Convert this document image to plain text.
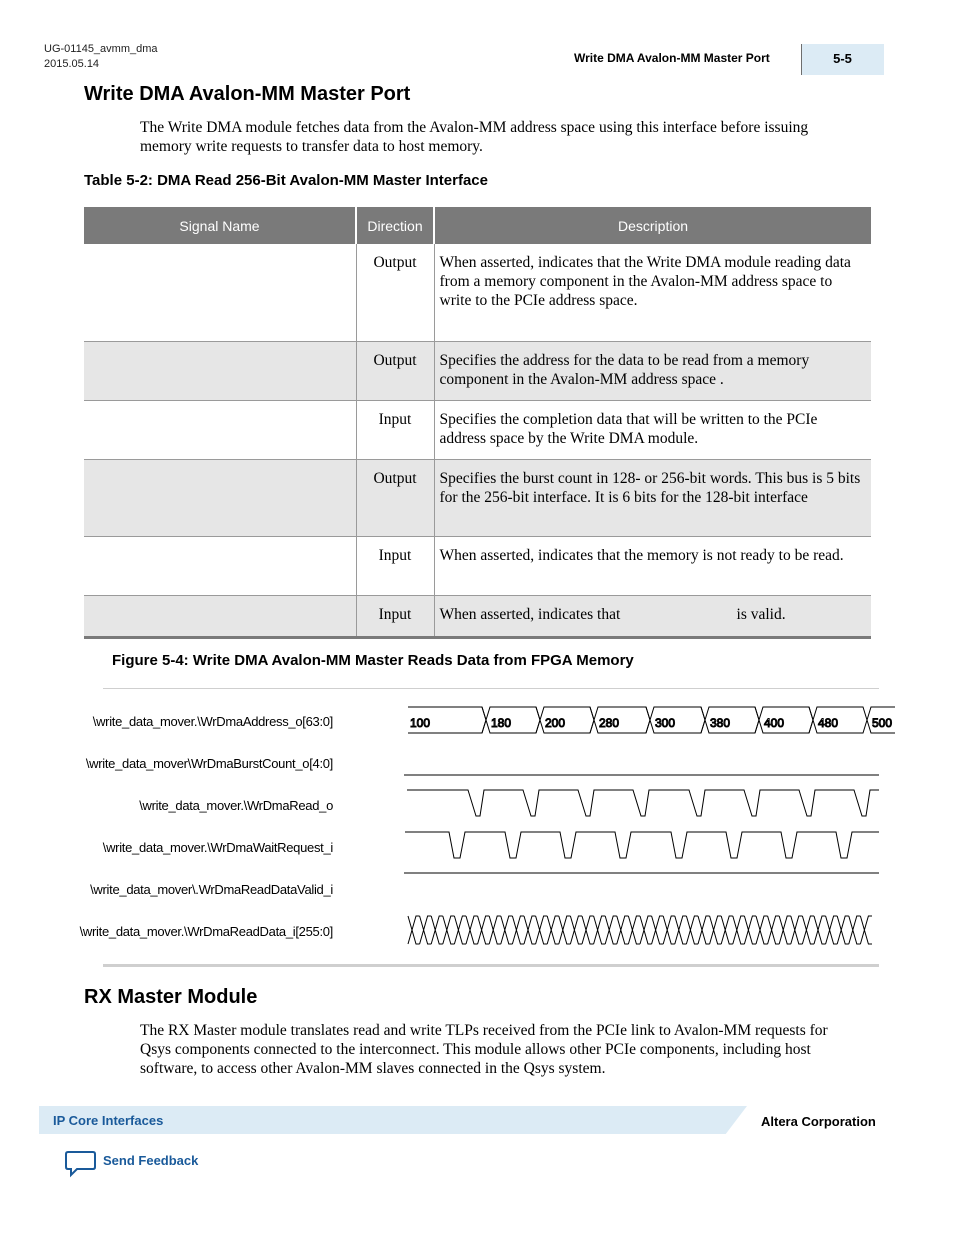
UG-01145_avmm_dma
2015.05.14	Write DMA Avalon-MM Master Port	5-5
Write DMA Avalon-MM Master Port

The Write DMA module fetches data from the Avalon-MM address space using this interface before issuing memory write requests to transfer data to host memory.

Table 5-2: DMA Read 256-Bit Avalon-MM Master Interface
Signal Name	Direction	Description
	Output	When asserted, indicates that the Write DMA module reading data from a memory component in the Avalon-MM address space to write to the PCIe address space.
	Output	Specifies the address for the data to be read from a memory component in the Avalon-MM address space .
	Input	Specifies the completion data that will be written to the PCIe address space by the Write DMA module.
	Output	Specifies the burst count in 128- or 256-bit words. This bus is 5 bits for the 256-bit interface. It is 6 bits for the 128-bit interface
	Input	When asserted, indicates that the memory is not ready to be read.
	Input	When asserted, indicates that                              is valid.
Figure 5-4: Write DMA Avalon-MM Master Reads Data from FPGA Memory
\write_data_mover.\WrDmaAddress_o[63:0]
\write_data_mover\WrDmaBurstCount_o[4:0]
\write_data_mover.\WrDmaRead_o
\write_data_mover.\WrDmaWaitRequest_i
\write_data_mover\.WrDmaReadDataValid_i
\write_data_mover.\WrDmaReadData_i[255:0]
100	180	200	280	300	380	400	480	500
RX Master Module

The RX Master module translates read and write TLPs received from the PCIe link to Avalon-MM requests for Qsys components connected to the interconnect. This module allows other PCIe components, including host software, to access other Avalon-MM slaves connected in the Qsys system.

IP Core Interfaces	Altera Corporation
Send Feedback
